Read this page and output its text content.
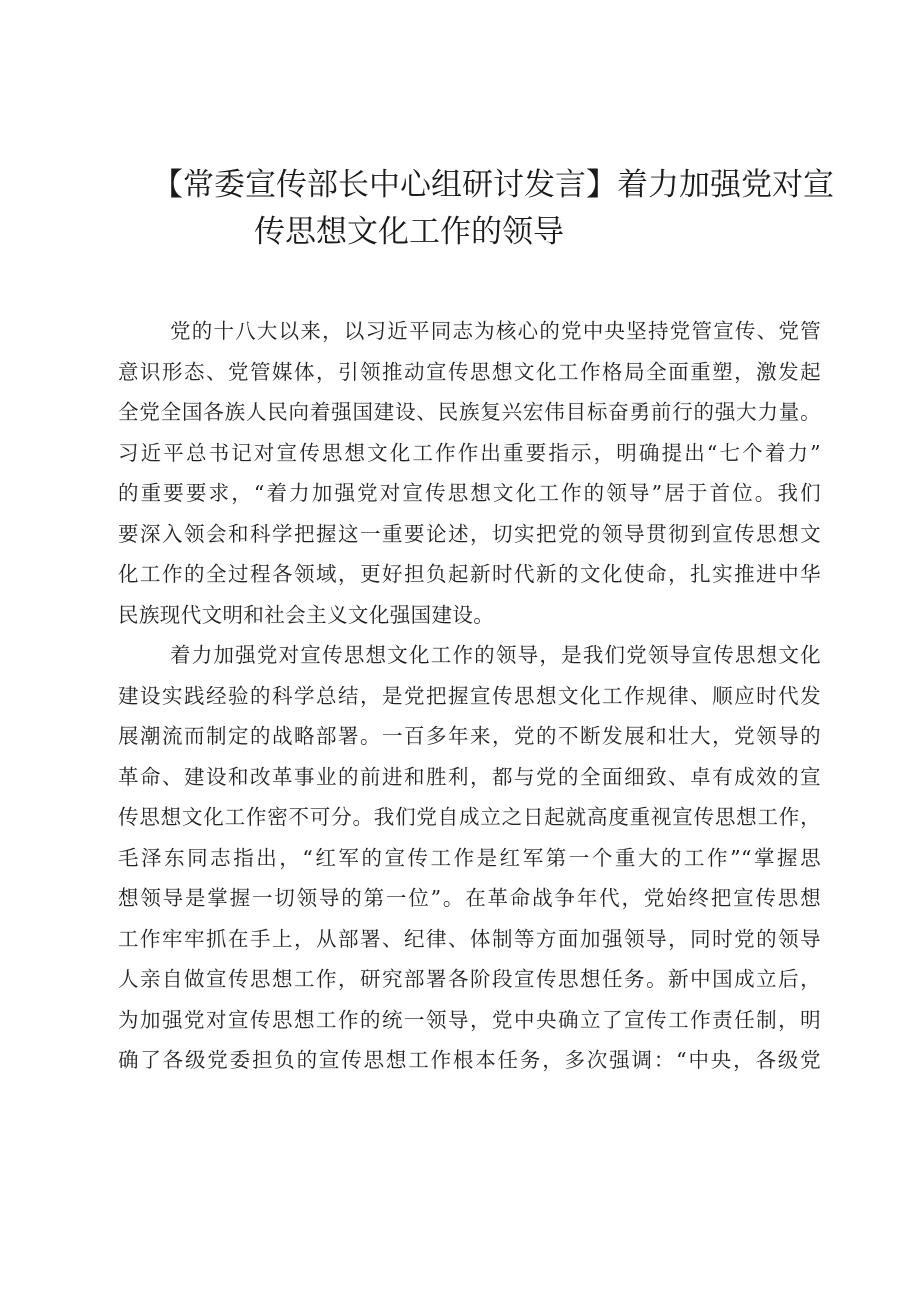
【常委宣传部长中心组研讨发言】着力加强党对宣
传思想文化工作的领导

党的十八大以来，以习近平同志为核心的党中央坚持党管宣传、党管
意识形态、党管媒体，引领推动宣传思想文化工作格局全面重塑，激发起
全党全国各族人民向着强国建设、民族复兴宏伟目标奋勇前行的强大力量。
习近平总书记对宣传思想文化工作作出重要指示，明确提出“七个着力”
的重要要求，“着力加强党对宣传思想文化工作的领导”居于首位。我们
要深入领会和科学把握这一重要论述，切实把党的领导贯彻到宣传思想文
化工作的全过程各领域，更好担负起新时代新的文化使命，扎实推进中华
民族现代文明和社会主义文化强国建设。

着力加强党对宣传思想文化工作的领导，是我们党领导宣传思想文化
建设实践经验的科学总结，是党把握宣传思想文化工作规律、顺应时代发
展潮流而制定的战略部署。一百多年来，党的不断发展和壮大，党领导的
革命、建设和改革事业的前进和胜利，都与党的全面细致、卓有成效的宣
传思想文化工作密不可分。我们党自成立之日起就高度重视宣传思想工作，
毛泽东同志指出，“红军的宣传工作是红军第一个重大的工作”“掌握思
想领导是掌握一切领导的第一位”。在革命战争年代，党始终把宣传思想
工作牢牢抓在手上，从部署、纪律、体制等方面加强领导，同时党的领导
人亲自做宣传思想工作，研究部署各阶段宣传思想任务。新中国成立后，
为加强党对宣传思想工作的统一领导，党中央确立了宣传工作责任制，明
确了各级党委担负的宣传思想工作根本任务，多次强调：“中央，各级党
